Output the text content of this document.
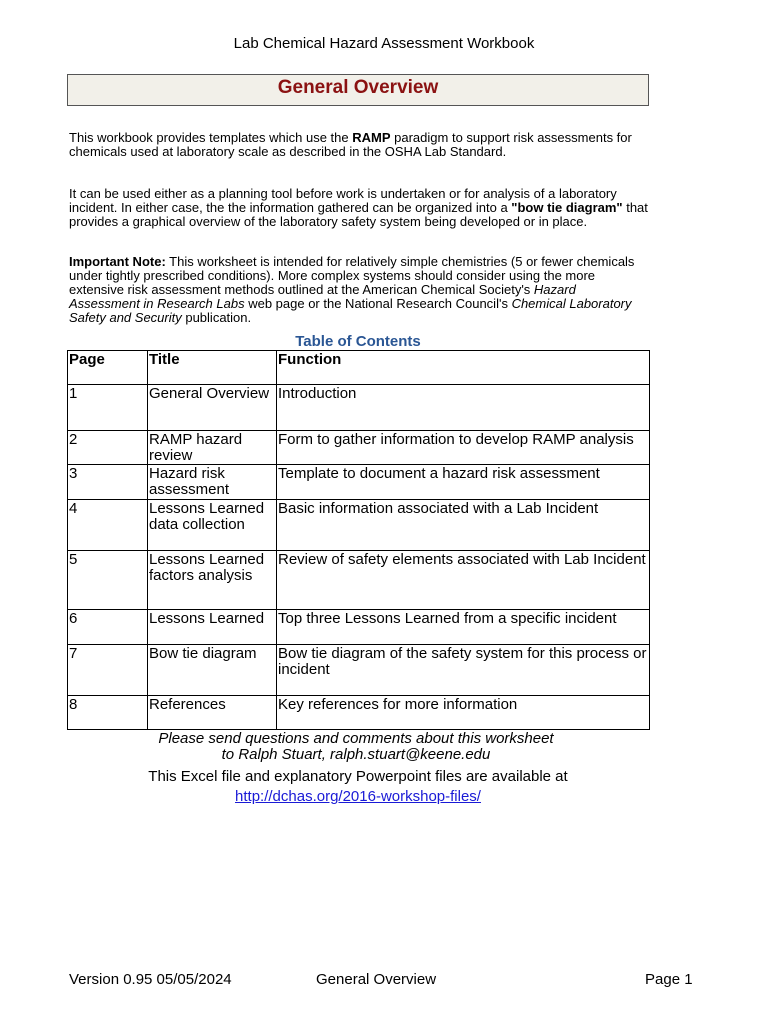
Lab Chemical Hazard Assessment Workbook
General Overview
This workbook provides templates which use the RAMP paradigm to support risk assessments for chemicals used at laboratory scale as described in the OSHA Lab Standard.
It can be used either as a planning tool before work is undertaken or for analysis of a laboratory incident. In either case, the the information gathered can be organized into a "bow tie diagram" that provides a graphical overview of the laboratory safety system being developed or in place.
Important Note: This worksheet is intended for relatively simple chemistries (5 or fewer chemicals under tightly prescribed conditions). More complex systems should consider using the more extensive risk assessment methods outlined at the American Chemical Society's Hazard Assessment in Research Labs web page or the National Research Council's Chemical Laboratory Safety and Security publication.
Table of Contents
Page	Title	Function
1	General Overview	Introduction
2	RAMP hazard review	Form to gather information to develop RAMP analysis
3	Hazard risk assessment	Template to document a hazard risk assessment
4	Lessons Learned data collection	Basic information associated with a Lab Incident
5	Lessons Learned factors analysis	Review of safety elements associated with Lab Incident
6	Lessons Learned	Top three Lessons Learned from a specific incident
7	Bow tie diagram	Bow tie diagram of the safety system for this process or incident
8	References	Key references for more information
Please send questions and comments about this worksheet
to Ralph Stuart, ralph.stuart@keene.edu
This Excel file and explanatory Powerpoint files are available at
http://dchas.org/2016-workshop-files/
Version 0.95 05/05/2024	General Overview	Page 1
